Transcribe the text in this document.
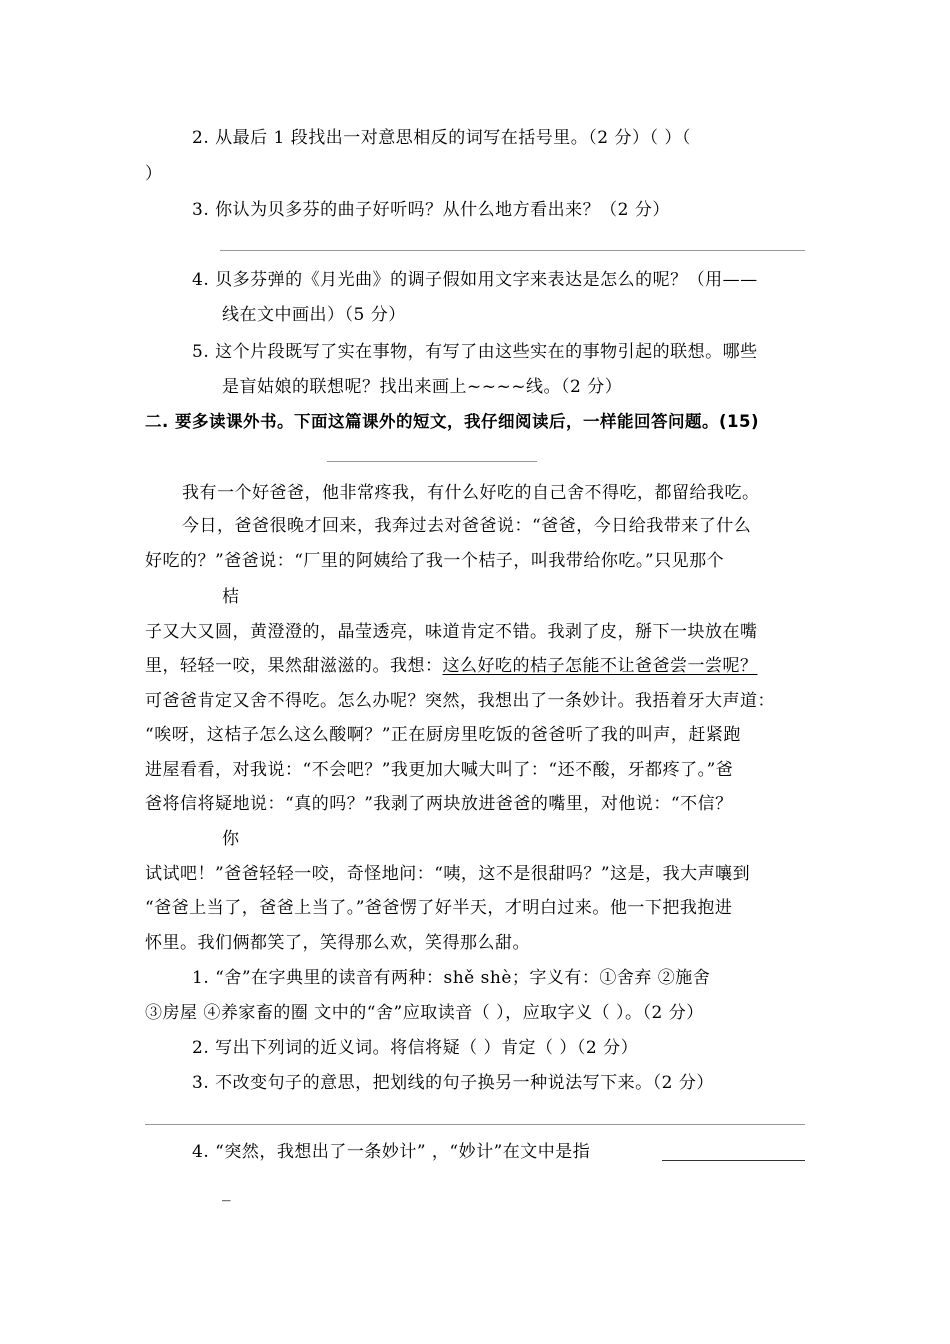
2. 从最后 1 段找出一对意思相反的词写在括号里。（2 分）（ ）（
）
3. 你认为贝多芬的曲子好听吗？从什么地方看出来？（2 分）
4. 贝多芬弹的《月光曲》的调子假如用文字来表达是怎么的呢？（用——
线在文中画出）（5 分）
5. 这个片段既写了实在事物，有写了由这些实在的事物引起的联想。哪些
是盲姑娘的联想呢？找出来画上~~~~线。（2 分）
二. 要多读课外书。下面这篇课外的短文，我仔细阅读后，一样能回答问题。(15)
我有一个好爸爸，他非常疼我，有什么好吃的自己舍不得吃，都留给我吃。
今日，爸爸很晚才回来，我奔过去对爸爸说：“爸爸，今日给我带来了什么
好吃的？”爸爸说：“厂里的阿姨给了我一个桔子，叫我带给你吃。”只见那个
桔
子又大又圆，黄澄澄的，晶莹透亮，味道肯定不错。我剥了皮，掰下一块放在嘴
里，轻轻一咬，果然甜滋滋的。我想：这么好吃的桔子怎能不让爸爸尝一尝呢？
可爸爸肯定又舍不得吃。怎么办呢？突然，我想出了一条妙计。我捂着牙大声道：
“唉呀，这桔子怎么这么酸啊？”正在厨房里吃饭的爸爸听了我的叫声，赶紧跑
进屋看看，对我说：“不会吧？”我更加大喊大叫了：“还不酸，牙都疼了。”爸
爸将信将疑地说：“真的吗？”我剥了两块放进爸爸的嘴里，对他说：“不信？
你
试试吧！”爸爸轻轻一咬，奇怪地问：“咦，这不是很甜吗？”这是，我大声嚷到
“爸爸上当了，爸爸上当了。”爸爸愣了好半天，才明白过来。他一下把我抱进
怀里。我们俩都笑了，笑得那么欢，笑得那么甜。
1. “舍”在字典里的读音有两种：shě shè；字义有：①舍弃 ②施舍
③房屋 ④养家畜的圈 文中的“舍”应取读音（ ），应取字义（ ）。（2 分）
2. 写出下列词的近义词。将信将疑（ ）肯定（ ）（2 分）
3. 不改变句子的意思，把划线的句子换另一种说法写下来。（2 分）
4. “突然，我想出了一条妙计” ，“妙计”在文中是指
_
